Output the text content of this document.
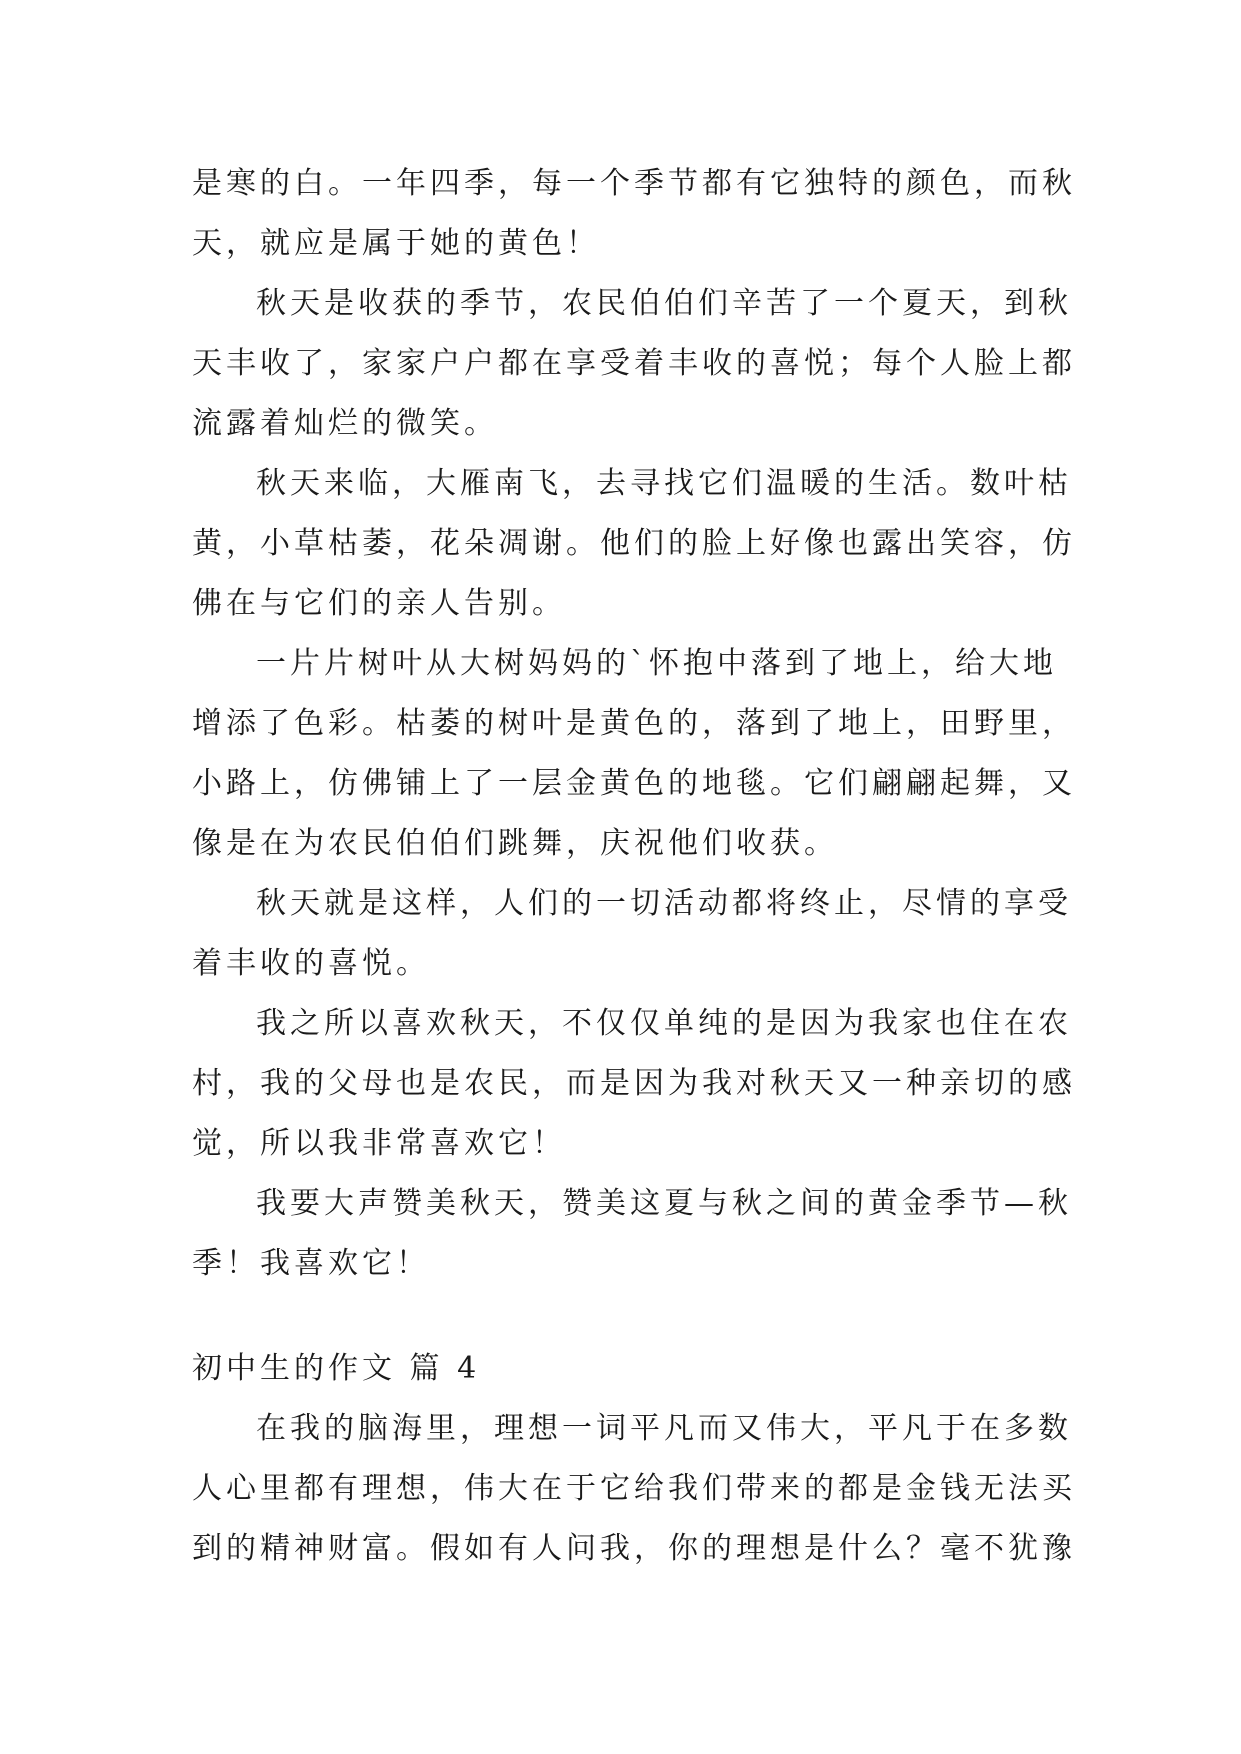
是寒的白。一年四季，每一个季节都有它独特的颜色，而秋
天，就应是属于她的黄色！
秋天是收获的季节，农民伯伯们辛苦了一个夏天，到秋
天丰收了，家家户户都在享受着丰收的喜悦；每个人脸上都
流露着灿烂的微笑。
秋天来临，大雁南飞，去寻找它们温暖的生活。数叶枯
黄，小草枯萎，花朵凋谢。他们的脸上好像也露出笑容，仿
佛在与它们的亲人告别。
一片片树叶从大树妈妈的`怀抱中落到了地上，给大地
增添了色彩。枯萎的树叶是黄色的，落到了地上，田野里，
小路上，仿佛铺上了一层金黄色的地毯。它们翩翩起舞，又
像是在为农民伯伯们跳舞，庆祝他们收获。
秋天就是这样，人们的一切活动都将终止，尽情的享受
着丰收的喜悦。
我之所以喜欢秋天，不仅仅单纯的是因为我家也住在农
村，我的父母也是农民，而是因为我对秋天又一种亲切的感
觉，所以我非常喜欢它！
我要大声赞美秋天，赞美这夏与秋之间的黄金季节—秋
季！我喜欢它！
初中生的作文 篇 4
在我的脑海里，理想一词平凡而又伟大，平凡于在多数
人心里都有理想，伟大在于它给我们带来的都是金钱无法买
到的精神财富。假如有人问我，你的理想是什么？毫不犹豫
